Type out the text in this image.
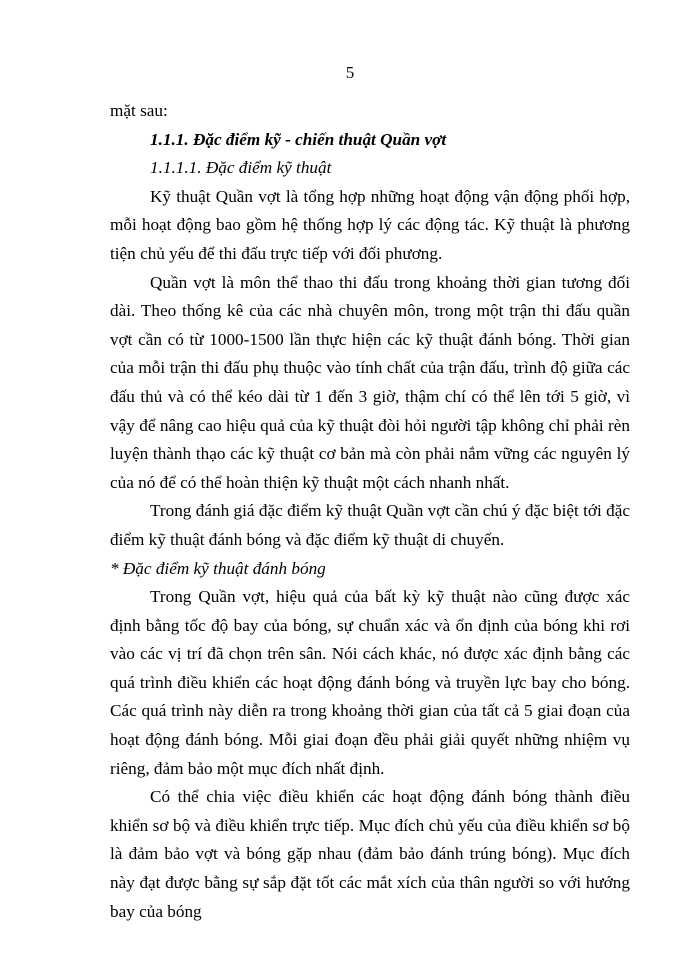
5

mặt sau:

1.1.1. Đặc điểm kỹ - chiến thuật Quần vợt

1.1.1.1. Đặc điểm kỹ thuật

Kỹ thuật Quần vợt là tổng hợp những hoạt động vận động phối hợp, mỗi hoạt động bao gồm hệ thống hợp lý các động tác. Kỹ thuật là phương tiện chủ yếu để thi đấu trực tiếp với đối phương.

Quần vợt là môn thể thao thi đấu trong khoảng thời gian tương đối dài. Theo thống kê của các nhà chuyên môn, trong một trận thi đấu quần vợt cần có từ 1000-1500 lần thực hiện các kỹ thuật đánh bóng. Thời gian của mỗi trận thi đấu phụ thuộc vào tính chất của trận đấu, trình độ giữa các đấu thủ và có thể kéo dài từ 1 đến 3 giờ, thậm chí có thể lên tới 5 giờ, vì vậy để nâng cao hiệu quả của kỹ thuật đòi hỏi người tập không chỉ phải rèn luyện thành thạo các kỹ thuật cơ bản mà còn phải nắm vững các nguyên lý của nó để có thể hoàn thiện kỹ thuật một cách nhanh nhất.

Trong đánh giá đặc điểm kỹ thuật Quần vợt cần chú ý đặc biệt tới đặc điểm kỹ thuật đánh bóng và đặc điểm kỹ thuật di chuyển.

* Đặc điểm kỹ thuật đánh bóng

Trong Quần vợt, hiệu quả của bất kỳ kỹ thuật nào cũng được xác định bằng tốc độ bay của bóng, sự chuẩn xác và ổn định của bóng khi rơi vào các vị trí đã chọn trên sân. Nói cách khác, nó được xác định bằng các quá trình điều khiển các hoạt động đánh bóng và truyền lực bay cho bóng. Các quá trình này diễn ra trong khoảng thời gian của tất cả 5 giai đoạn của hoạt động đánh bóng. Mỗi giai đoạn đều phải giải quyết những nhiệm vụ riêng, đảm bảo một mục đích nhất định.

Có thể chia việc điều khiển các hoạt động đánh bóng thành điều khiển sơ bộ và điều khiển trực tiếp. Mục đích chủ yếu của điều khiển sơ bộ là đảm bảo vợt và bóng gặp nhau (đảm bảo đánh trúng bóng). Mục đích này đạt được bằng sự sắp đặt tốt các mắt xích của thân người so với hướng bay của bóng
